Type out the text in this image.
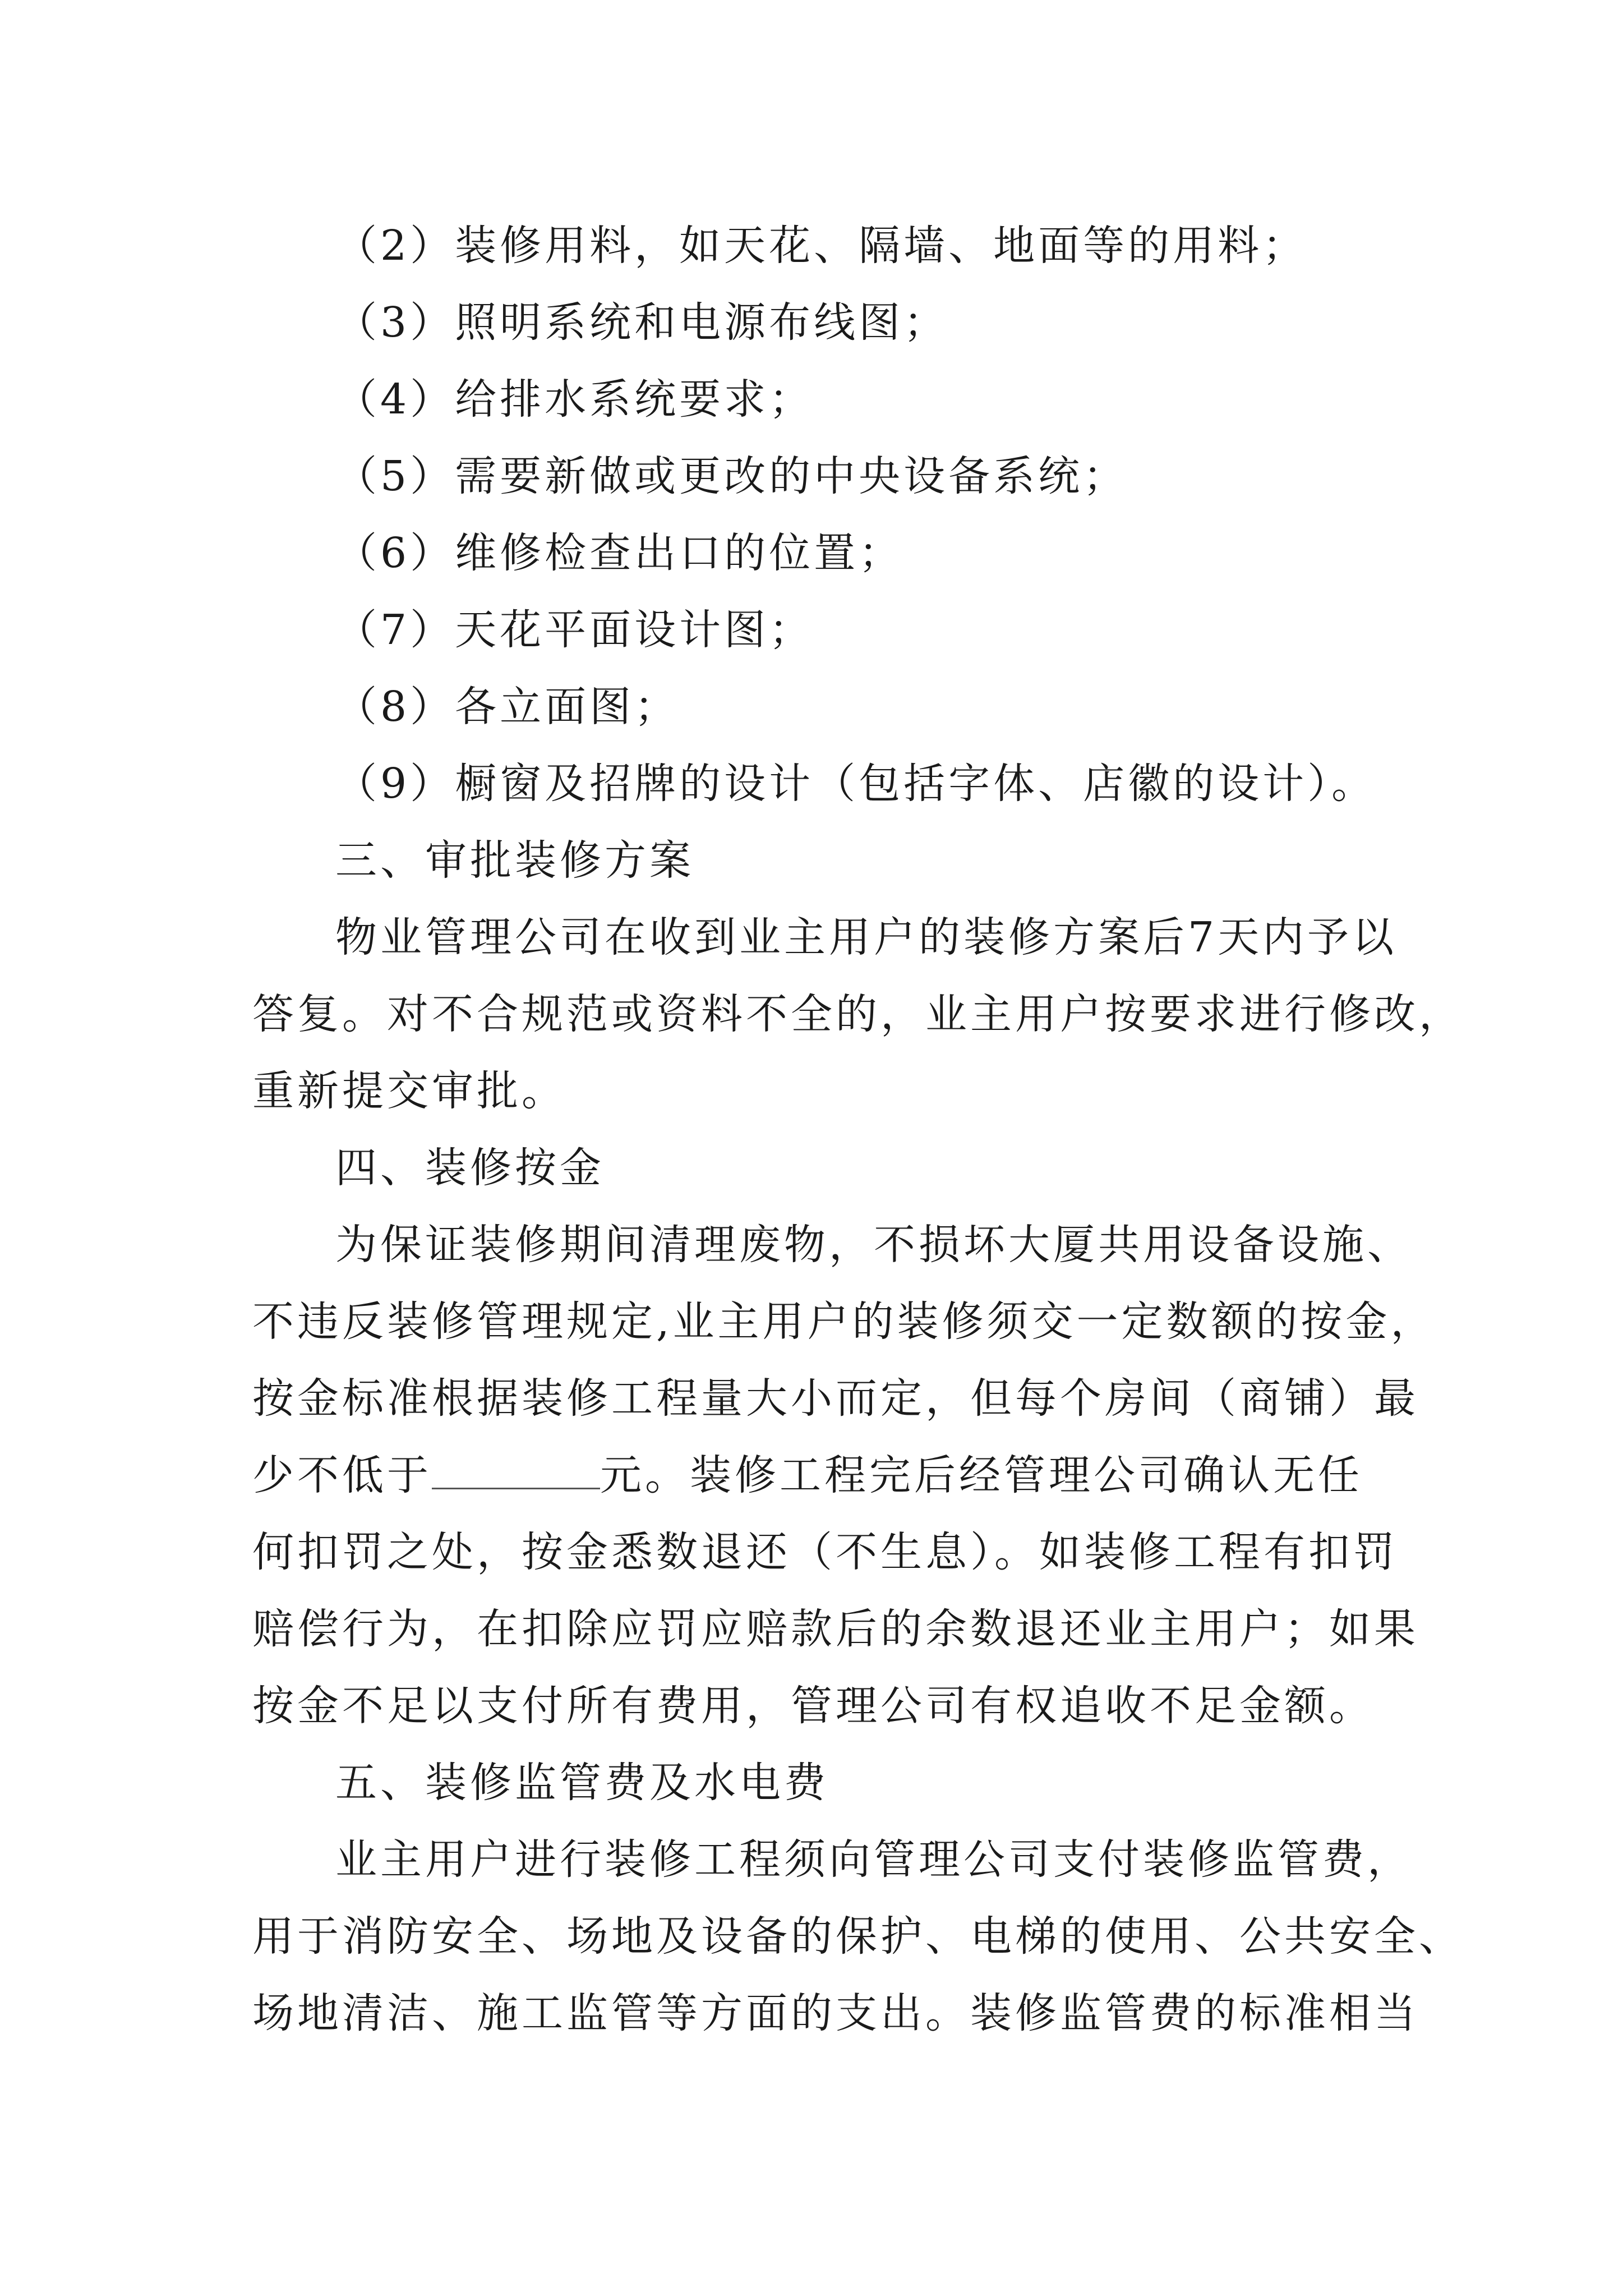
（2）装修用料，如天花、隔墙、地面等的用料；
（3）照明系统和电源布线图；
（4）给排水系统要求；
（5）需要新做或更改的中央设备系统；
（6）维修检查出口的位置；
（7）天花平面设计图；
（8）各立面图；
（9）橱窗及招牌的设计（包括字体、店徽的设计）。
三、审批装修方案
物业管理公司在收到业主用户的装修方案后7天内予以
答复。对不合规范或资料不全的，业主用户按要求进行修改，
重新提交审批。
四、装修按金
为保证装修期间清理废物，不损坏大厦共用设备设施、
不违反装修管理规定,业主用户的装修须交一定数额的按金，
按金标准根据装修工程量大小而定，但每个房间（商铺）最
少不低于	元。装修工程完后经管理公司确认无任
何扣罚之处，按金悉数退还（不生息）。如装修工程有扣罚
赔偿行为，在扣除应罚应赔款后的余数退还业主用户；如果
按金不足以支付所有费用，管理公司有权追收不足金额。
五、装修监管费及水电费
业主用户进行装修工程须向管理公司支付装修监管费，
用于消防安全、场地及设备的保护、电梯的使用、公共安全、
场地清洁、施工监管等方面的支出。装修监管费的标准相当
